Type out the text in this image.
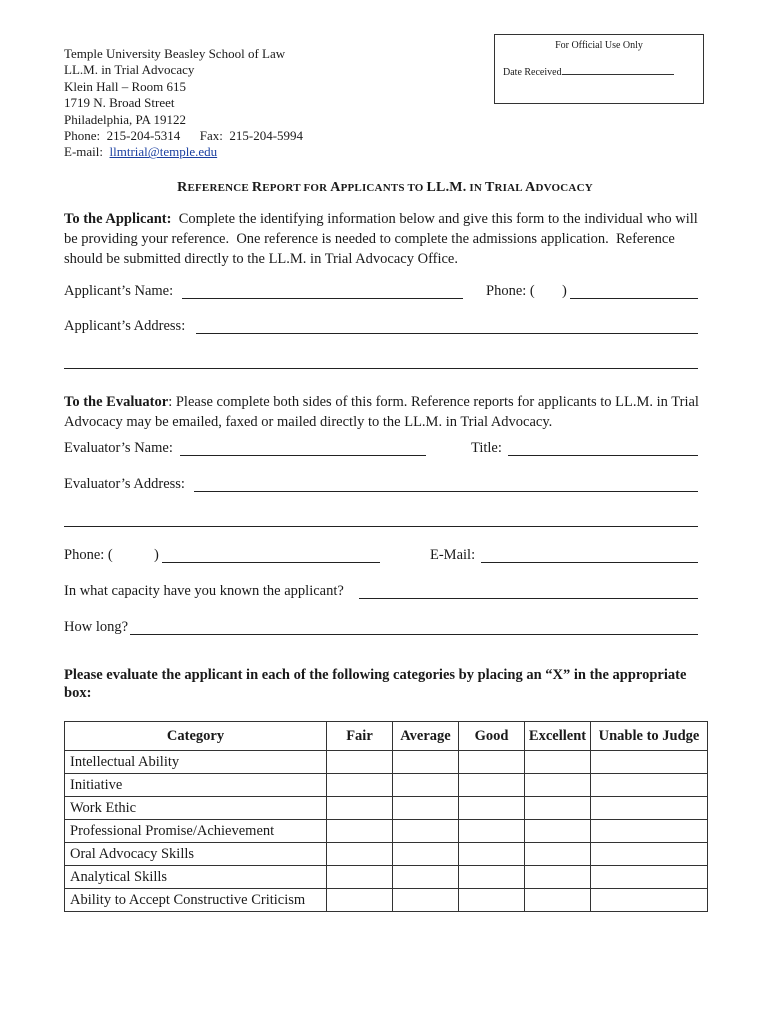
For Official Use Only
Date Received
Temple University Beasley School of Law
LL.M. in Trial Advocacy
Klein Hall – Room 615
1719 N. Broad Street
Philadelphia, PA 19122
Phone:  215-204-5314      Fax:  215-204-5994
E-mail:  llmtrial@temple.edu
REFERENCE REPORT FOR APPLICANTS TO LL.M. IN TRIAL ADVOCACY
To the Applicant:  Complete the identifying information below and give this form to the individual who will be providing your reference.  One reference is needed to complete the admissions application.  Reference should be submitted directly to the LL.M. in Trial Advocacy Office.
Applicant’s Name:	Phone: ( )
Applicant’s Address:
To the Evaluator: Please complete both sides of this form. Reference reports for applicants to LL.M. in Trial Advocacy may be emailed, faxed or mailed directly to the LL.M. in Trial Advocacy.
Evaluator’s Name:	Title:
Evaluator’s Address:
Phone: (	)	E-Mail:
In what capacity have you known the applicant?
How long?
Please evaluate the applicant in each of the following categories by placing an “X” in the appropriate box:
Category	Fair	Average	Good	Excellent	Unable to Judge
Intellectual Ability					
Initiative					
Work Ethic					
Professional Promise/Achievement					
Oral Advocacy Skills					
Analytical Skills					
Ability to Accept Constructive Criticism					
